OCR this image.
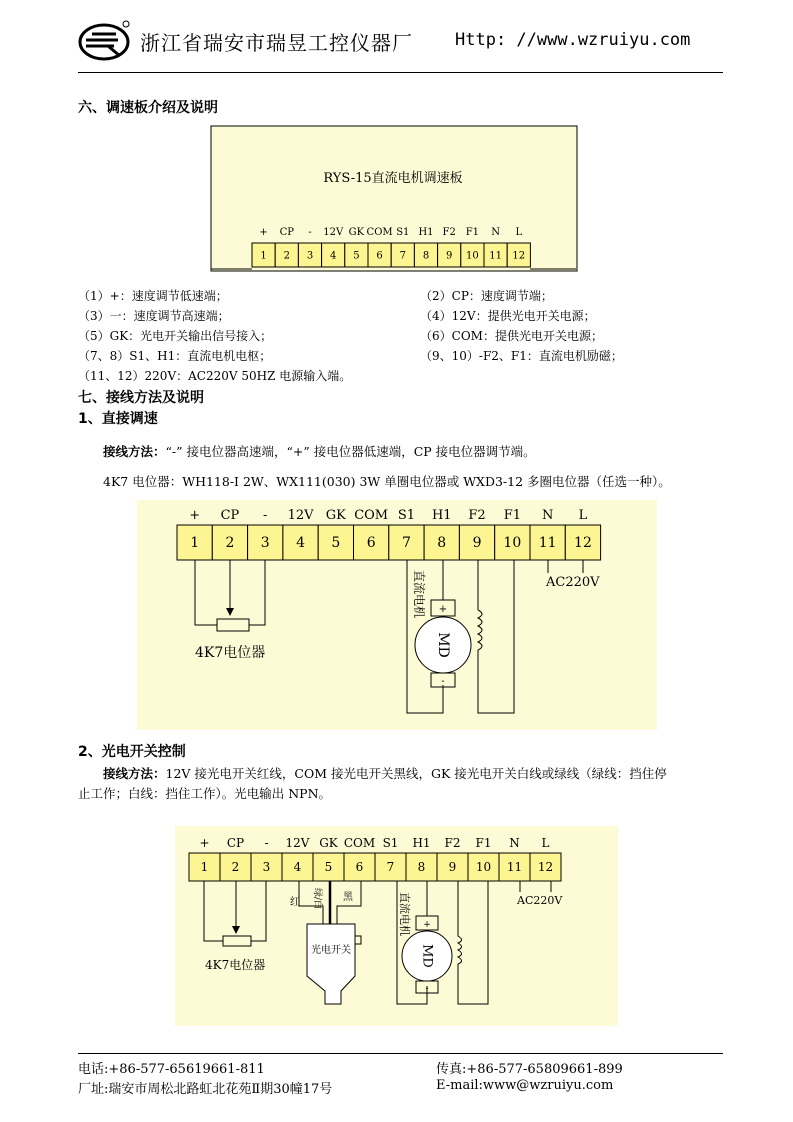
浙江省瑞安市瑞昱工控仪器厂 Http: //www.wzruiyu.com
六、调速板介绍及说明
RYS-15直流电机调速板
+ CP - 12V GK COM S1 H1 F2 F1 N L
1 2 3 4 5 6 7 8 9 10 11 12
（1）+：速度调节低速端；	（2）CP：速度调节端；
（3）一：速度调节高速端；	（4）12V：提供光电开关电源；
（5）GK：光电开关输出信号接入；	（6）COM：提供光电开关电源；
（7、8）S1、H1：直流电机电枢；	（9、10）-F2、F1：直流电机励磁；
（11、12）220V：AC220V 50HZ 电源输入端。
七、接线方法及说明
1、直接调速
接线方法：“-” 接电位器高速端，“+” 接电位器低速端，CP 接电位器调节端。
4K7 电位器：WH118-I 2W、WX111(030) 3W 单圈电位器或 WXD3-12 多圈电位器（任选一种）。
+ CP - 12V GK COM S1 H1 F2 F1 N L
1 2 3 4 5 6 7 8 9 10 11 12
4K7电位器
+
MD
-
直流电机	AC220V
2、光电开关控制
接线方法：12V 接光电开关红线，COM 接光电开关黑线，GK 接光电开关白线或绿线（绿线：挡住停
止工作；白线：挡住工作）。光电输出 NPN。
+ CP - 12V GK COM S1 H1 F2 F1 N L
1 2 3 4 5 6 7 8 9 10 11 12
4K7电位器
红 绿/白 黑
光电开关
+
MD
-
直流电机	AC220V
电话:+86-577-65619661-811	传真:+86-577-65809661-899
厂址:瑞安市周松北路虹北花苑Ⅱ期30幢17号	E-mail:www@wzruiyu.com
